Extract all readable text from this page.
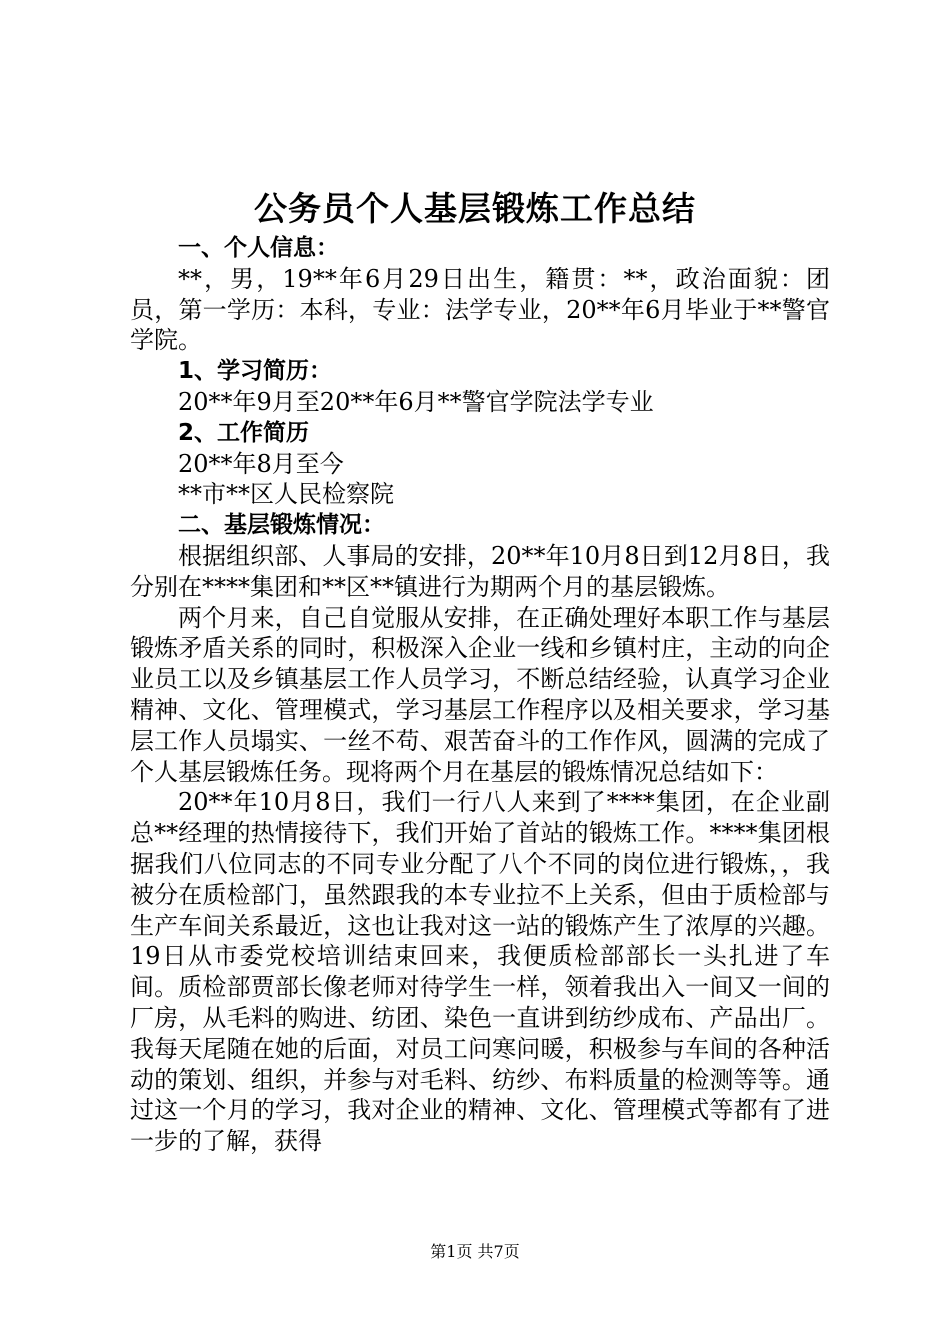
公务员个人基层锻炼工作总结

一、个人信息：

**，男，19**年6月29日出生，籍贯：**，政治面貌：团员，第一学历：本科，专业：法学专业，20**年6月毕业于**警官学院。

1、学习简历：

20**年9月至20**年6月**警官学院法学专业

2、工作简历

20**年8月至今

**市**区人民检察院

二、基层锻炼情况：

根据组织部、人事局的安排，20**年10月8日到12月8日，我分别在****集团和**区**镇进行为期两个月的基层锻炼。

两个月来，自己自觉服从安排，在正确处理好本职工作与基层锻炼矛盾关系的同时，积极深入企业一线和乡镇村庄，主动的向企业员工以及乡镇基层工作人员学习，不断总结经验，认真学习企业精神、文化、管理模式，学习基层工作程序以及相关要求，学习基层工作人员塌实、一丝不苟、艰苦奋斗的工作作风，圆满的完成了个人基层锻炼任务。现将两个月在基层的锻炼情况总结如下：

20**年10月8日，我们一行八人来到了****集团，在企业副总**经理的热情接待下，我们开始了首站的锻炼工作。****集团根据我们八位同志的不同专业分配了八个不同的岗位进行锻炼，，我被分在质检部门，虽然跟我的本专业拉不上关系，但由于质检部与生产车间关系最近，这也让我对这一站的锻炼产生了浓厚的兴趣。19日从市委党校培训结束回来，我便质检部部长一头扎进了车间。质检部贾部长像老师对待学生一样，领着我出入一间又一间的厂房，从毛料的购进、纺团、染色一直讲到纺纱成布、产品出厂。我每天尾随在她的后面，对员工问寒问暖，积极参与车间的各种活动的策划、组织，并参与对毛料、纺纱、布料质量的检测等等。通过这一个月的学习，我对企业的精神、文化、管理模式等都有了进一步的了解，获得

第1页 共7页
